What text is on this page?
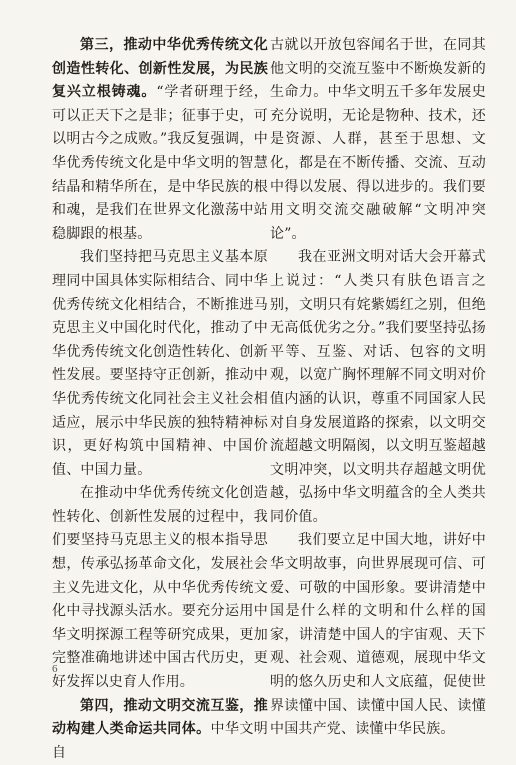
第三，推动中华优秀传统文化创造性转化、创新性发展，为民族复兴立根铸魂。“学者研理于经，可以正天下之是非；征事于史，可以明古今之成败。”我反复强调，中华优秀传统文化是中华文明的智慧结晶和精华所在，是中华民族的根和魂，是我们在世界文化激荡中站稳脚跟的根基。

我们坚持把马克思主义基本原理同中国具体实际相结合、同中华优秀传统文化相结合，不断推进马克思主义中国化时代化，推动了中华优秀传统文化创造性转化、创新性发展。要坚持守正创新，推动中华优秀传统文化同社会主义社会相适应，展示中华民族的独特精神标识，更好构筑中国精神、中国价值、中国力量。

在推动中华优秀传统文化创造性转化、创新性发展的过程中，我们要坚持马克思主义的根本指导思想，传承弘扬革命文化，发展社会主义先进文化，从中华优秀传统文化中寻找源头活水。要充分运用中华文明探源工程等研究成果，更加完整准确地讲述中国古代历史，更好发挥以史育人作用。

第四，推动文明交流互鉴，推动构建人类命运共同体。中华文明自

古就以开放包容闻名于世，在同其他文明的交流互鉴中不断焕发新的生命力。中华文明五千多年发展史充分说明，无论是物种、技术，还是资源、人群，甚至于思想、文化，都是在不断传播、交流、互动中得以发展、得以进步的。我们要用文明交流交融破解“文明冲突论”。

我在亚洲文明对话大会开幕式上说过：“人类只有肤色语言之别，文明只有姹紫嫣红之别，但绝无高低优劣之分。”我们要坚持弘扬平等、互鉴、对话、包容的文明观，以宽广胸怀理解不同文明对价值内涵的认识，尊重不同国家人民对自身发展道路的探索，以文明交流超越文明隔阂，以文明互鉴超越文明冲突，以文明共存超越文明优越，弘扬中华文明蕴含的全人类共同价值。

我们要立足中国大地，讲好中华文明故事，向世界展现可信、可爱、可敬的中国形象。要讲清楚中国是什么样的文明和什么样的国家，讲清楚中国人的宇宙观、天下观、社会观、道德观，展现中华文明的悠久历史和人文底蕴，促使世界读懂中国、读懂中国人民、读懂中国共产党、读懂中华民族。

6
